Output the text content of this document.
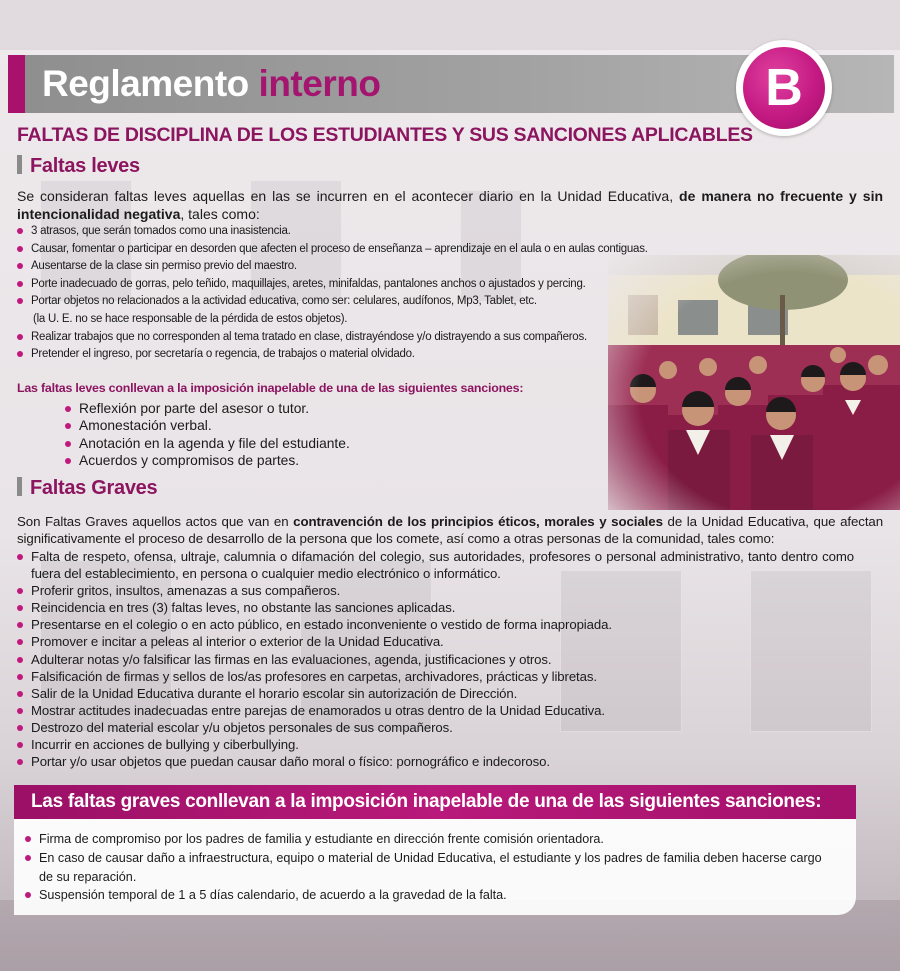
Reglamento interno	B
FALTAS DE DISCIPLINA DE LOS ESTUDIANTES Y SUS SANCIONES APLICABLES
Faltas leves
Se consideran faltas leves aquellas en las se incurren en el acontecer diario en la Unidad Educativa, de manera no frecuente y sin intencionalidad negativa, tales como:
3 atrasos, que serán tomados como una inasistencia.
Causar, fomentar o participar en desorden que afecten el proceso de enseñanza – aprendizaje en el aula o en aulas contiguas.
Ausentarse de la clase sin permiso previo del maestro.
Porte inadecuado de gorras, pelo teñido, maquillajes, aretes, minifaldas, pantalones anchos o ajustados y percing.
Portar objetos no relacionados a la actividad educativa, como ser: celulares, audífonos, Mp3, Tablet, etc.
(la U. E. no se hace responsable de la pérdida de estos objetos).
Realizar trabajos que no corresponden al tema tratado en clase, distrayéndose y/o distrayendo a sus compañeros.
Pretender el ingreso, por secretaría o regencia, de trabajos o material olvidado.
Las faltas leves conllevan a la imposición inapelable de una de las siguientes sanciones:
Reflexión por parte del asesor o tutor.
Amonestación verbal.
Anotación en la agenda y file del estudiante.
Acuerdos y compromisos de partes.
Faltas Graves
Son Faltas Graves aquellos actos que van en contravención de los principios éticos, morales y sociales de la Unidad Educativa, que afectan significativamente el proceso de desarrollo de la persona que los comete, así como a otras personas de la comunidad, tales como:
Falta de respeto, ofensa, ultraje, calumnia o difamación del colegio, sus autoridades, profesores o personal administrativo, tanto dentro como fuera del establecimiento, en persona o cualquier medio electrónico o informático.
Proferir gritos, insultos, amenazas a sus compañeros.
Reincidencia en tres (3) faltas leves, no obstante las sanciones aplicadas.
Presentarse en el colegio o en acto público, en estado inconveniente o vestido de forma inapropiada.
Promover e incitar a peleas al interior o exterior de la Unidad Educativa.
Adulterar notas y/o falsificar las firmas en las evaluaciones, agenda, justificaciones y otros.
Falsificación de firmas y sellos de los/as profesores en carpetas, archivadores, prácticas y libretas.
Salir de la Unidad Educativa durante el horario escolar sin autorización de Dirección.
Mostrar actitudes inadecuadas entre parejas de enamorados u otras dentro de la Unidad Educativa.
Destrozo del material escolar y/u objetos personales de sus compañeros.
Incurrir en acciones de bullying y ciberbullying.
Portar y/o usar objetos que puedan causar daño moral o físico: pornográfico e indecoroso.
Las faltas graves conllevan a la imposición inapelable de una de las siguientes sanciones:
Firma de compromiso por los padres de familia y estudiante en dirección frente comisión orientadora.
En caso de causar daño a infraestructura, equipo o material de Unidad Educativa, el estudiante y los padres de familia deben hacerse cargo de su reparación.
Suspensión temporal de 1 a 5 días calendario, de acuerdo a la gravedad de la falta.
